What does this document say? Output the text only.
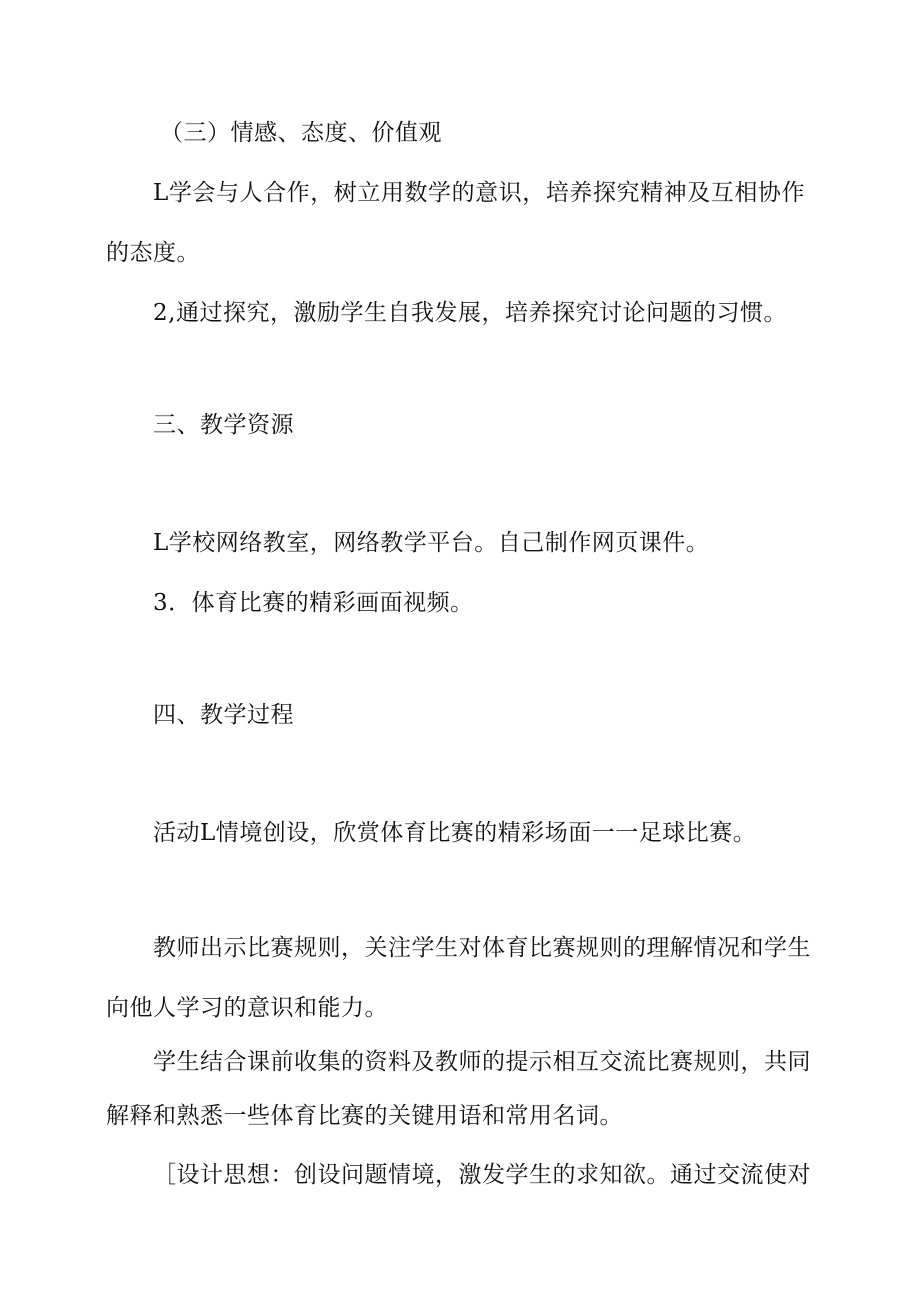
（三）情感、态度、价值观
L学会与人合作，树立用数学的意识，培养探究精神及互相协作
的态度。
2,通过探究，激励学生自我发展，培养探究讨论问题的习惯。
三、教学资源
L学校网络教室，网络教学平台。自己制作网页课件。
3．体育比赛的精彩画面视频。
四、教学过程
活动L情境创设，欣赏体育比赛的精彩场面一一足球比赛。
教师出示比赛规则，关注学生对体育比赛规则的理解情况和学生
向他人学习的意识和能力。
学生结合课前收集的资料及教师的提示相互交流比赛规则，共同
解释和熟悉一些体育比赛的关键用语和常用名词。
［设计思想：创设问题情境，激发学生的求知欲。通过交流使对
